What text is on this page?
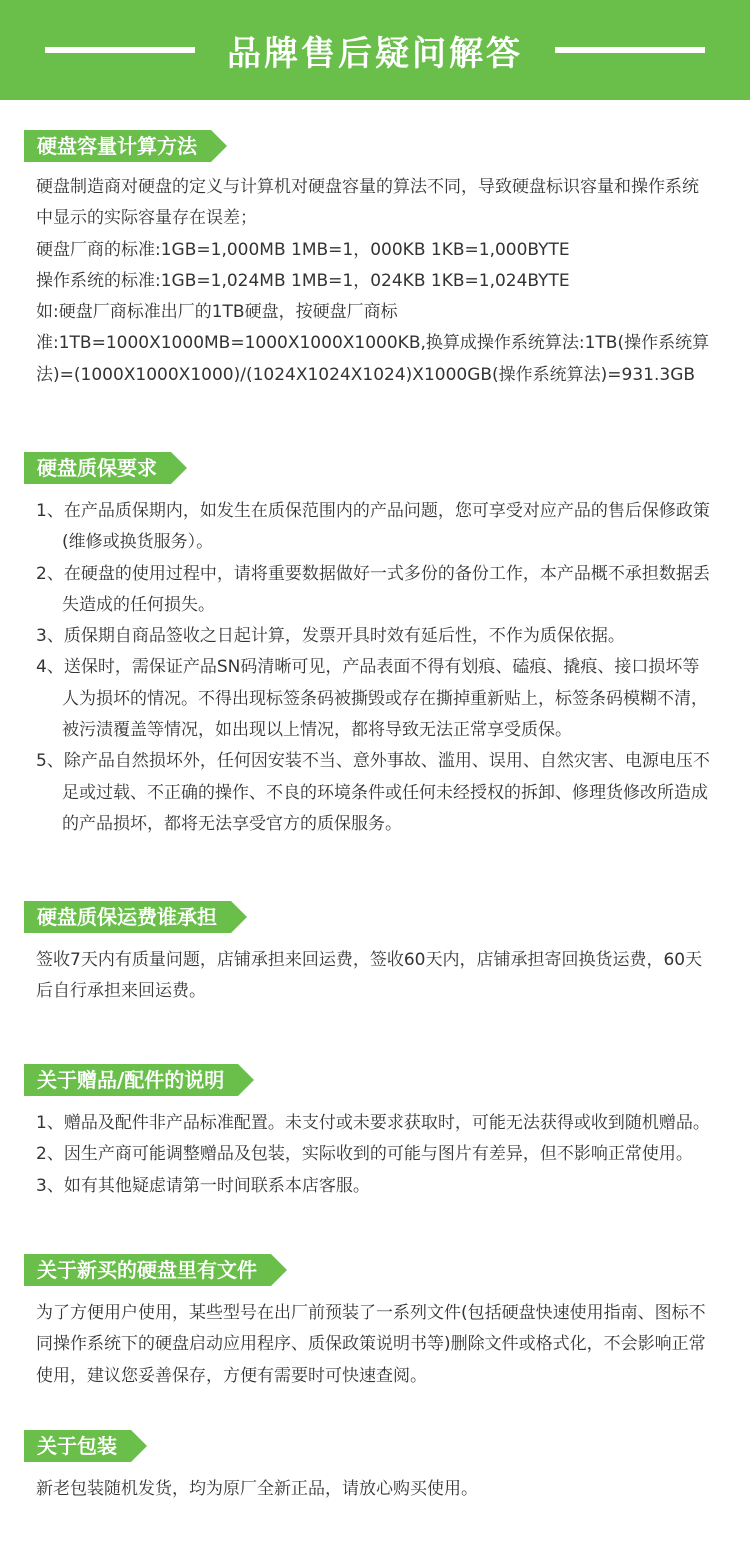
品牌售后疑问解答
硬盘容量计算方法

硬盘制造商对硬盘的定义与计算机对硬盘容量的算法不同，导致硬盘标识容量和操作系统中显示的实际容量存在误差；

硬盘厂商的标准:1GB=1,000MB 1MB=1，000KB 1KB=1,000BYTE

操作系统的标准:1GB=1,024MB 1MB=1，024KB 1KB=1,024BYTE

如:硬盘厂商标准出厂的1TB硬盘，按硬盘厂商标准:1TB=1000X1000MB=1000X1000X1000KB,换算成操作系统算法:1TB(操作系统算法)=(1000X1000X1000)/(1024X1024X1024)X1000GB(操作系统算法)=931.3GB

硬盘质保要求
1、在产品质保期内，如发生在质保范围内的产品问题，您可享受对应产品的售后保修政策(维修或换货服务）。
2、在硬盘的使用过程中，请将重要数据做好一式多份的备份工作，本产品概不承担数据丢失造成的任何损失。
3、质保期自商品签收之日起计算，发票开具时效有延后性，不作为质保依据。
4、送保时，需保证产品SN码清晰可见，产品表面不得有划痕、磕痕、撬痕、接口损坏等人为损坏的情况。不得出现标签条码被撕毁或存在撕掉重新贴上，标签条码模糊不清，被污渍覆盖等情况，如出现以上情况，都将导致无法正常享受质保。
5、除产品自然损坏外，任何因安装不当、意外事故、滥用、误用、自然灾害、电源电压不足或过载、不正确的操作、不良的环境条件或任何未经授权的拆卸、修理货修改所造成的产品损坏，都将无法享受官方的质保服务。
硬盘质保运费谁承担

签收7天内有质量问题，店铺承担来回运费，签收60天内，店铺承担寄回换货运费，60天后自行承担来回运费。

关于赠品/配件的说明
1、赠品及配件非产品标准配置。未支付或未要求获取时，可能无法获得或收到随机赠品。
2、因生产商可能调整赠品及包装，实际收到的可能与图片有差异，但不影响正常使用。
3、如有其他疑虑请第一时间联系本店客服。
关于新买的硬盘里有文件

为了方便用户使用，某些型号在出厂前预装了一系列文件(包括硬盘快速使用指南、图标不同操作系统下的硬盘启动应用程序、质保政策说明书等)删除文件或格式化，不会影响正常使用，建议您妥善保存，方便有需要时可快速查阅。

关于包装

新老包装随机发货，均为原厂全新正品，请放心购买使用。
